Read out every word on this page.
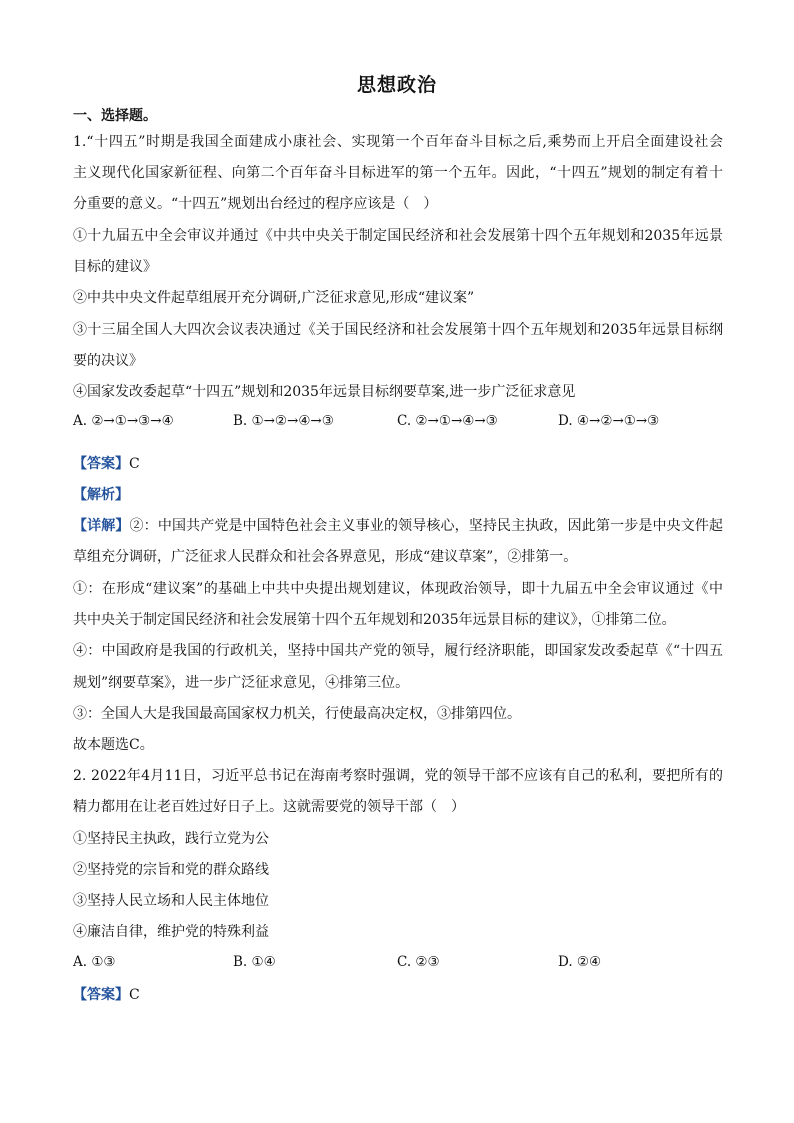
思想政治
一、选择题。
1.“十四五”时期是我国全面建成小康社会、实现第一个百年奋斗目标之后,乘势而上开启全面建设社会
主义现代化国家新征程、向第二个百年奋斗目标进军的第一个五年。因此，“十四五”规划的制定有着十
分重要的意义。“十四五”规划出台经过的程序应该是（　）
①十九届五中全会审议并通过《中共中央关于制定国民经济和社会发展第十四个五年规划和2035年远景
目标的建议》
②中共中央文件起草组展开充分调研,广泛征求意见,形成“建议案”
③十三届全国人大四次会议表决通过《关于国民经济和社会发展第十四个五年规划和2035年远景目标纲
要的决议》
④国家发改委起草“十四五”规划和2035年远景目标纲要草案,进一步广泛征求意见
A. ②→①→③→④	B. ①→②→④→③	C. ②→①→④→③	D. ④→②→①→③
【答案】C
【解析】
【详解】②：中国共产党是中国特色社会主义事业的领导核心，坚持民主执政，因此第一步是中央文件起
草组充分调研，广泛征求人民群众和社会各界意见，形成“建议草案”，②排第一。
①：在形成“建议案”的基础上中共中央提出规划建议，体现政治领导，即十九届五中全会审议通过《中
共中央关于制定国民经济和社会发展第十四个五年规划和2035年远景目标的建议》，①排第二位。
④：中国政府是我国的行政机关，坚持中国共产党的领导，履行经济职能，即国家发改委起草《“十四五
规划”纲要草案》，进一步广泛征求意见，④排第三位。
③：全国人大是我国最高国家权力机关，行使最高决定权，③排第四位。
故本题选C。
2. 2022年4月11日，习近平总书记在海南考察时强调，党的领导干部不应该有自己的私利，要把所有的
精力都用在让老百姓过好日子上。这就需要党的领导干部（　）
①坚持民主执政，践行立党为公
②坚持党的宗旨和党的群众路线
③坚持人民立场和人民主体地位
④廉洁自律，维护党的特殊利益
A. ①③	B. ①④	C. ②③	D. ②④
【答案】C
